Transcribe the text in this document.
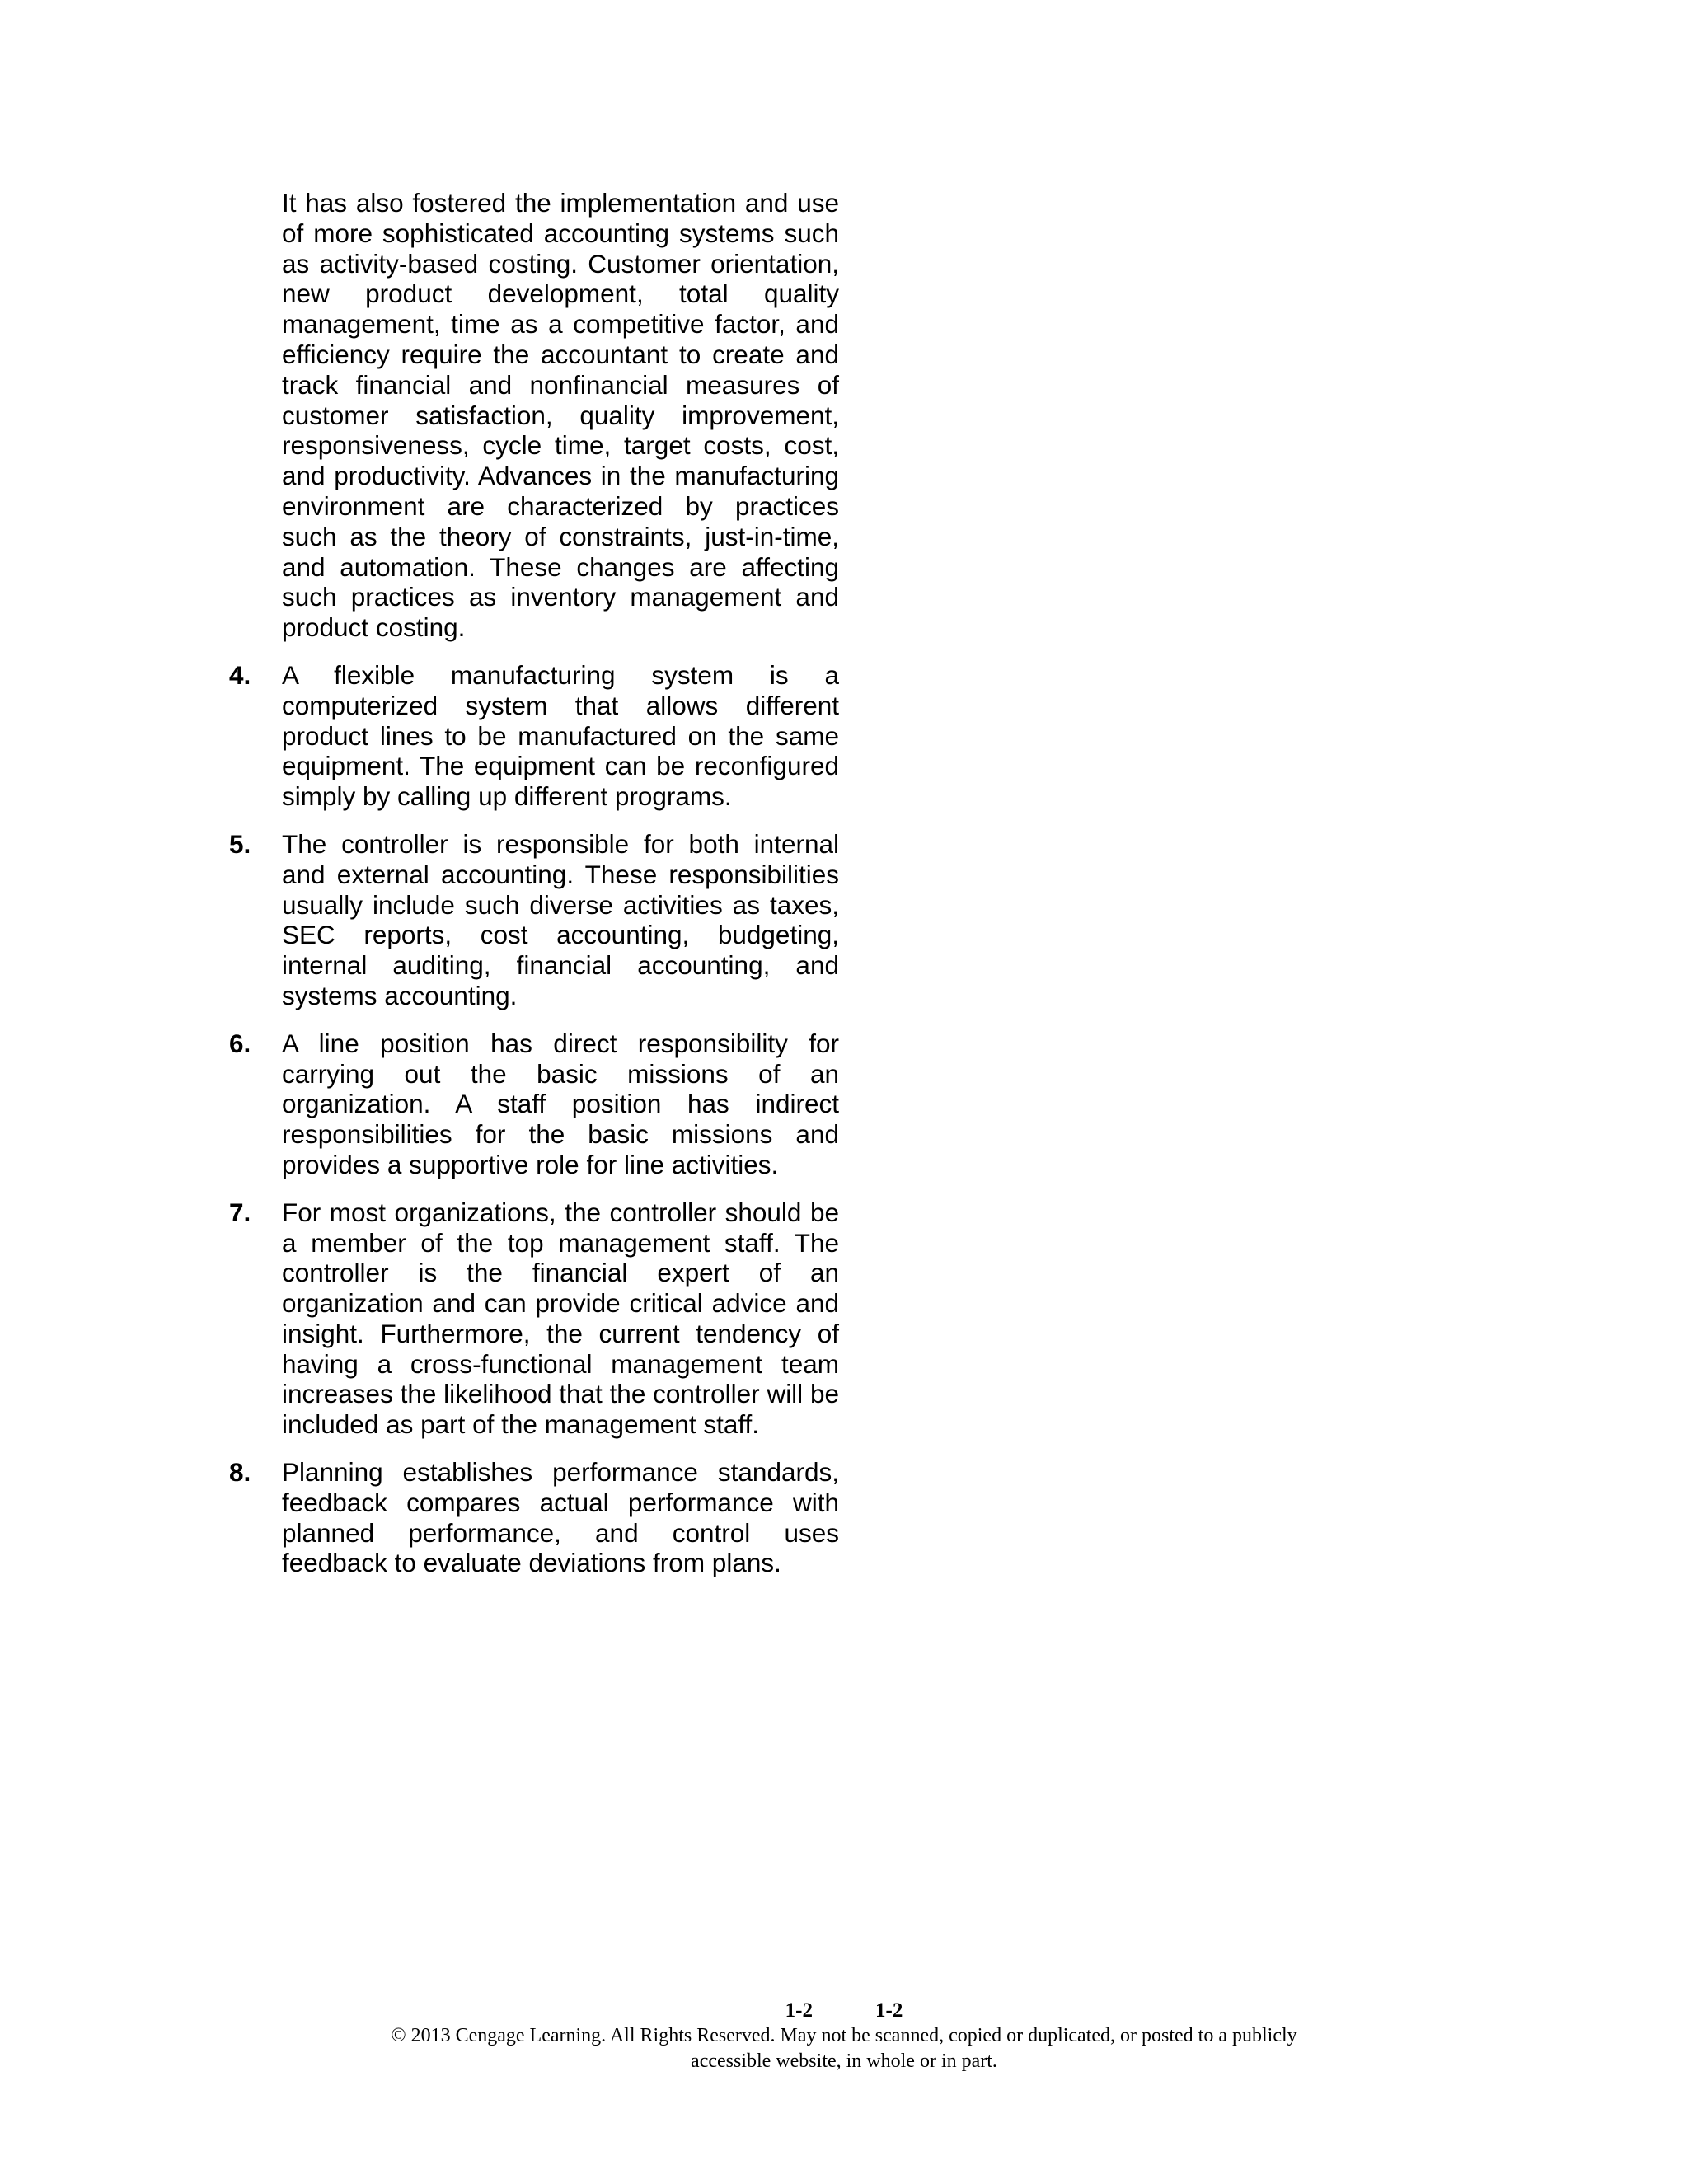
It has also fostered the implementation and use of more sophisticated accounting systems such as activity-based costing. Customer orientation, new product development, total quality management, time as a competitive factor, and efficiency require the accountant to create and track financial and nonfinancial measures of customer satisfaction, quality improvement, responsiveness, cycle time, target costs, cost, and productivity. Advances in the manufacturing environment are characterized by practices such as the theory of constraints, just-in-time, and automation. These changes are affecting such practices as inventory management and product costing.

4. A flexible manufacturing system is a computerized system that allows different product lines to be manufactured on the same equipment. The equipment can be reconfigured simply by calling up different programs.
5. The controller is responsible for both internal and external accounting. These responsibilities usually include such diverse activities as taxes, SEC reports, cost accounting, budgeting, internal auditing, financial accounting, and systems accounting.
6. A line position has direct responsibility for carrying out the basic missions of an organization. A staff position has indirect responsibilities for the basic missions and provides a supportive role for line activities.
7. For most organizations, the controller should be a member of the top management staff. The controller is the financial expert of an organization and can provide critical advice and insight. Furthermore, the current tendency of having a cross-functional management team increases the likelihood that the controller will be included as part of the management staff.
8. Planning establishes performance standards, feedback compares actual performance with planned performance, and control uses feedback to evaluate deviations from plans.
1-2	1-2
© 2013 Cengage Learning. All Rights Reserved. May not be scanned, copied or duplicated, or posted to a publicly
accessible website, in whole or in part.
